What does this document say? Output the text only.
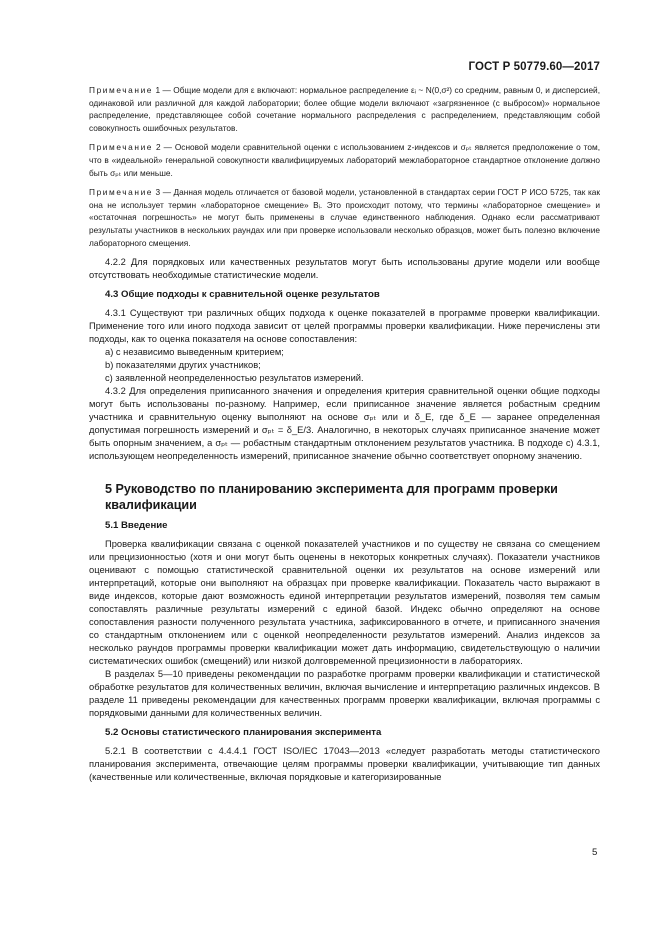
ГОСТ Р 50779.60—2017

Примечание 1 — Общие модели для ε включают: нормальное распределение εᵢ ~ N(0,σ²) со средним, равным 0, и дисперсией, одинаковой или различной для каждой лаборатории; более общие модели включают «загрязненное (с выбросом)» нормальное распределение, представляющее собой сочетание нормального распределения с распределением, представляющим собой совокупность ошибочных результатов.

Примечание 2 — Основой модели сравнительной оценки с использованием z-индексов и σₚₜ является предположение о том, что в «идеальной» генеральной совокупности квалифицируемых лабораторий межлабораторное стандартное отклонение должно быть σₚₜ или меньше.

Примечание 3 — Данная модель отличается от базовой модели, установленной в стандартах серии ГОСТ Р ИСО 5725, так как она не использует термин «лабораторное смещение» Bᵢ. Это происходит потому, что термины «лабораторное смещение» и «остаточная погрешность» не могут быть применены в случае единственного наблюдения. Однако если рассматривают результаты участников в нескольких раундах или при проверке использовали несколько образцов, может быть полезно включение лабораторного смещения.

4.2.2 Для порядковых или качественных результатов могут быть использованы другие модели или вообще отсутствовать необходимые статистические модели.

4.3 Общие подходы к сравнительной оценке результатов

4.3.1 Существуют три различных общих подхода к оценке показателей в программе проверки квалификации. Применение того или иного подхода зависит от целей программы проверки квалификации. Ниже перечислены эти подходы, как то оценка показателя на основе сопоставления:

a) с независимо выведенным критерием;

b) показателями других участников;

c) заявленной неопределенностью результатов измерений.

4.3.2 Для определения приписанного значения и определения критерия сравнительной оценки общие подходы могут быть использованы по-разному. Например, если приписанное значение является робастным средним участника и сравнительную оценку выполняют на основе σₚₜ или и δ_E, где δ_E — заранее определенная допустимая погрешность измерений и σₚₜ = δ_E/3. Аналогично, в некоторых случаях приписанное значение может быть опорным значением, а σₚₜ — робастным стандартным отклонением результатов участника. В подходе c) 4.3.1, использующем неопределенность измерений, приписанное значение обычно соответствует опорному значению.

5 Руководство по планированию эксперимента для программ проверки квалификации
5.1 Введение

Проверка квалификации связана с оценкой показателей участников и по существу не связана со смещением или прецизионностью (хотя и они могут быть оценены в некоторых конкретных случаях). Показатели участников оценивают с помощью статистической сравнительной оценки их результатов на основе измерений или интерпретаций, которые они выполняют на образцах при проверке квалификации. Показатель часто выражают в виде индексов, которые дают возможность единой интерпретации результатов измерений, позволяя тем самым сопоставлять различные результаты измерений с единой базой. Индекс обычно определяют на основе сопоставления разности полученного результата участника, зафиксированного в отчете, и приписанного значения со стандартным отклонением или с оценкой неопределенности результатов измерений. Анализ индексов за несколько раундов программы проверки квалификации может дать информацию, свидетельствующую о наличии систематических ошибок (смещений) или низкой долговременной прецизионности в лабораториях.

В разделах 5—10 приведены рекомендации по разработке программ проверки квалификации и статистической обработке результатов для количественных величин, включая вычисление и интерпретацию различных индексов. В разделе 11 приведены рекомендации для качественных программ проверки квалификации, включая программы с порядковыми данными для количественных величин.

5.2 Основы статистического планирования эксперимента

5.2.1 В соответствии с 4.4.4.1 ГОСТ ISO/IEC 17043—2013 «следует разработать методы статистического планирования эксперимента, отвечающие целям программы проверки квалификации, учитывающие тип данных (качественные или количественные, включая порядковые и категоризированные

5
